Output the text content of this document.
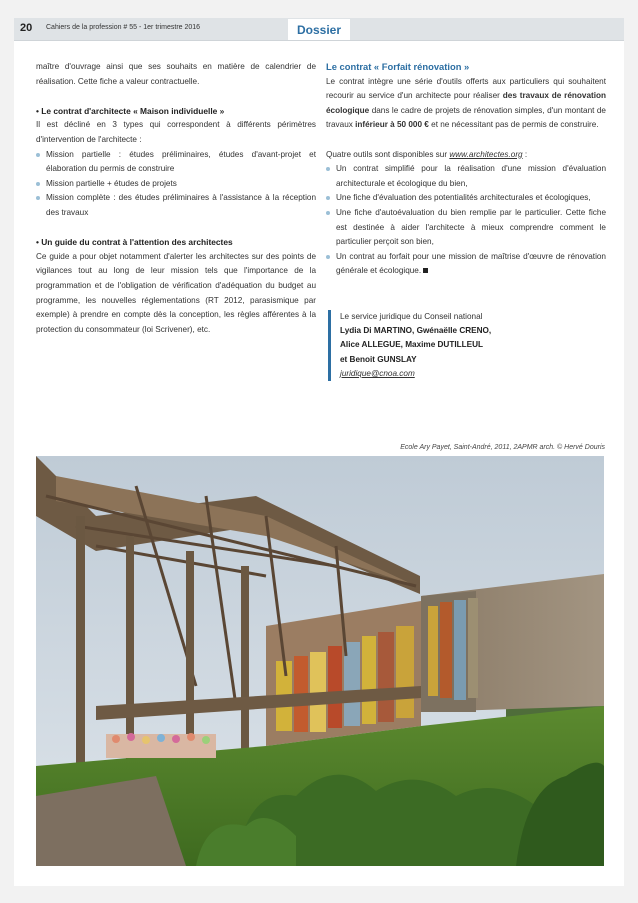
20 Cahiers de la profession # 55 - 1er trimestre 2016	Dossier

maître d'ouvrage ainsi que ses souhaits en matière de calendrier de réalisation. Cette fiche a valeur contractuelle.

• Le contrat d'architecte « Maison individuelle »

Il est décliné en 3 types qui correspondent à différents périmètres d'intervention de l'architecte :

Mission partielle : études préliminaires, études d'avant-projet et élaboration du permis de construire
Mission partielle + études de projets
Mission complète : des études préliminaires à l'assistance à la réception des travaux
• Un guide du contrat à l'attention des architectes

Ce guide a pour objet notamment d'alerter les architectes sur des points de vigilances tout au long de leur mission tels que l'importance de la programmation et de l'obligation de vérification d'adéquation du budget au programme, les nouvelles réglementations (RT 2012, parasismique par exemple) à prendre en compte dès la conception, les règles afférentes à la protection du consommateur (loi Scrivener), etc.

Le contrat « Forfait rénovation »

Le contrat intègre une série d'outils offerts aux particuliers qui souhaitent recourir au service d'un architecte pour réaliser des travaux de rénovation écologique dans le cadre de projets de rénovation simples, d'un montant de travaux inférieur à 50 000 € et ne nécessitant pas de permis de construire.

Quatre outils sont disponibles sur www.architectes.org :

Un contrat simplifié pour la réalisation d'une mission d'évaluation architecturale et écologique du bien,
Une fiche d'évaluation des potentialités architecturales et écologiques,
Une fiche d'autoévaluation du bien remplie par le particulier. Cette fiche est destinée à aider l'architecte à mieux comprendre comment le particulier perçoit son bien,
Un contrat au forfait pour une mission de maîtrise d'œuvre de rénovation générale et écologique.
Le service juridique du Conseil national
Lydia Di MARTINO, Gwénaëlle CRENO,
Alice ALLEGUE, Maxime DUTILLEUL
et Benoit GUNSLAY
juridique@cnoa.com
Ecole Ary Payet, Saint-André, 2011, 2APMR arch. © Hervé Douris
